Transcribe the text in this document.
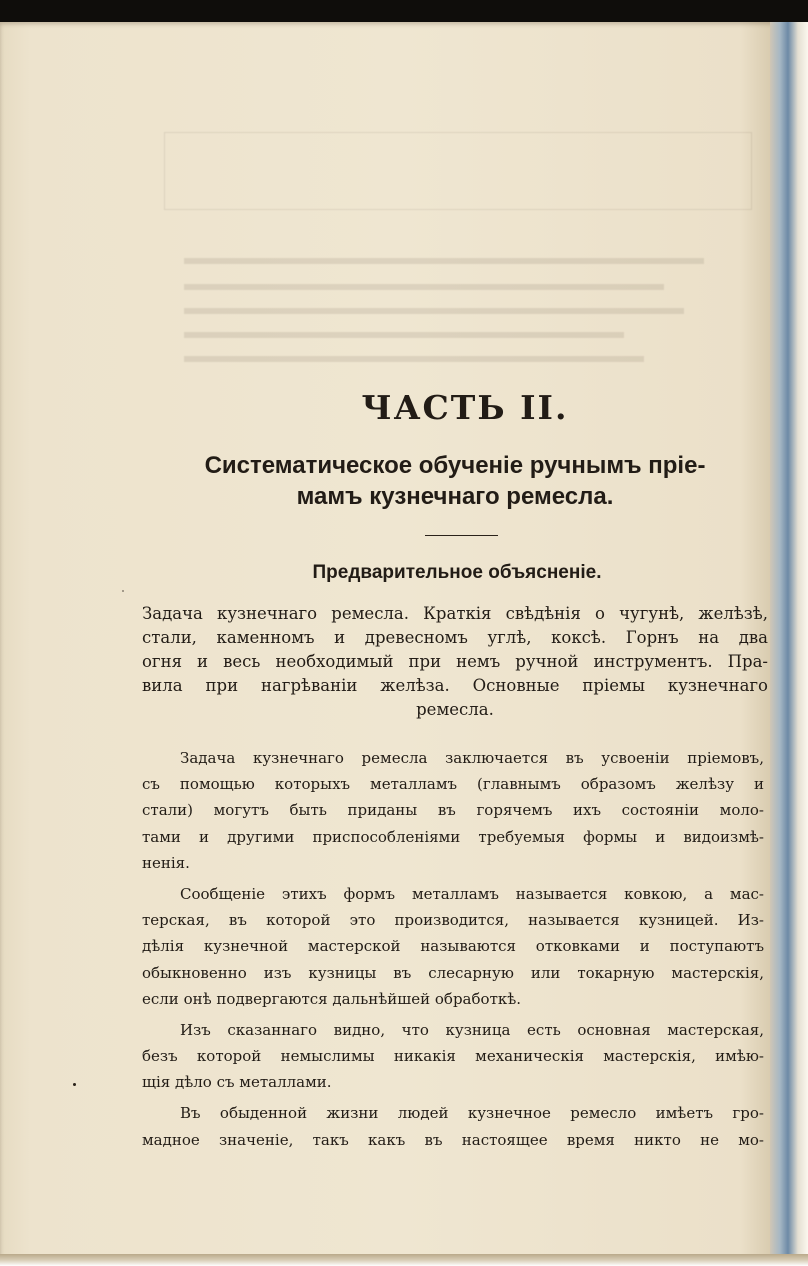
ЧАСТЬ II.
Систематическое обученіе ручнымъ пріе-
мамъ кузнечнаго ремесла.
Предварительное объясненіе.
Задача кузнечнаго ремесла. Краткія свѣдѣнія о чугунѣ, желѣзѣ,
стали, каменномъ и древесномъ углѣ, коксѣ. Горнъ на два
огня и весь необходимый при немъ ручной инструментъ. Пра-
вила при нагрѣваніи желѣза. Основные пріемы кузнечнаго
ремесла.
Задача кузнечнаго ремесла заключается въ усвоеніи пріемовъ,
съ помощью которыхъ металламъ (главнымъ образомъ желѣзу и
стали) могутъ быть приданы въ горячемъ ихъ состояніи моло-
тами и другими приспособленіями требуемыя формы и видоизмѣ-
ненія.
Сообщеніе этихъ формъ металламъ называется ковкою, а мас-
терская, въ которой это производится, называется кузницей. Из-
дѣлія кузнечной мастерской называются отковками и поступаютъ
обыкновенно изъ кузницы въ слесарную или токарную мастерскія,
если онѣ подвергаются дальнѣйшей обработкѣ.
Изъ сказаннаго видно, что кузница есть основная мастерская,
безъ которой немыслимы никакія механическія мастерскія, имѣю-
щія дѣло съ металлами.
Въ обыденной жизни людей кузнечное ремесло имѣетъ гро-
мадное значеніе, такъ какъ въ настоящее время никто не мо-
